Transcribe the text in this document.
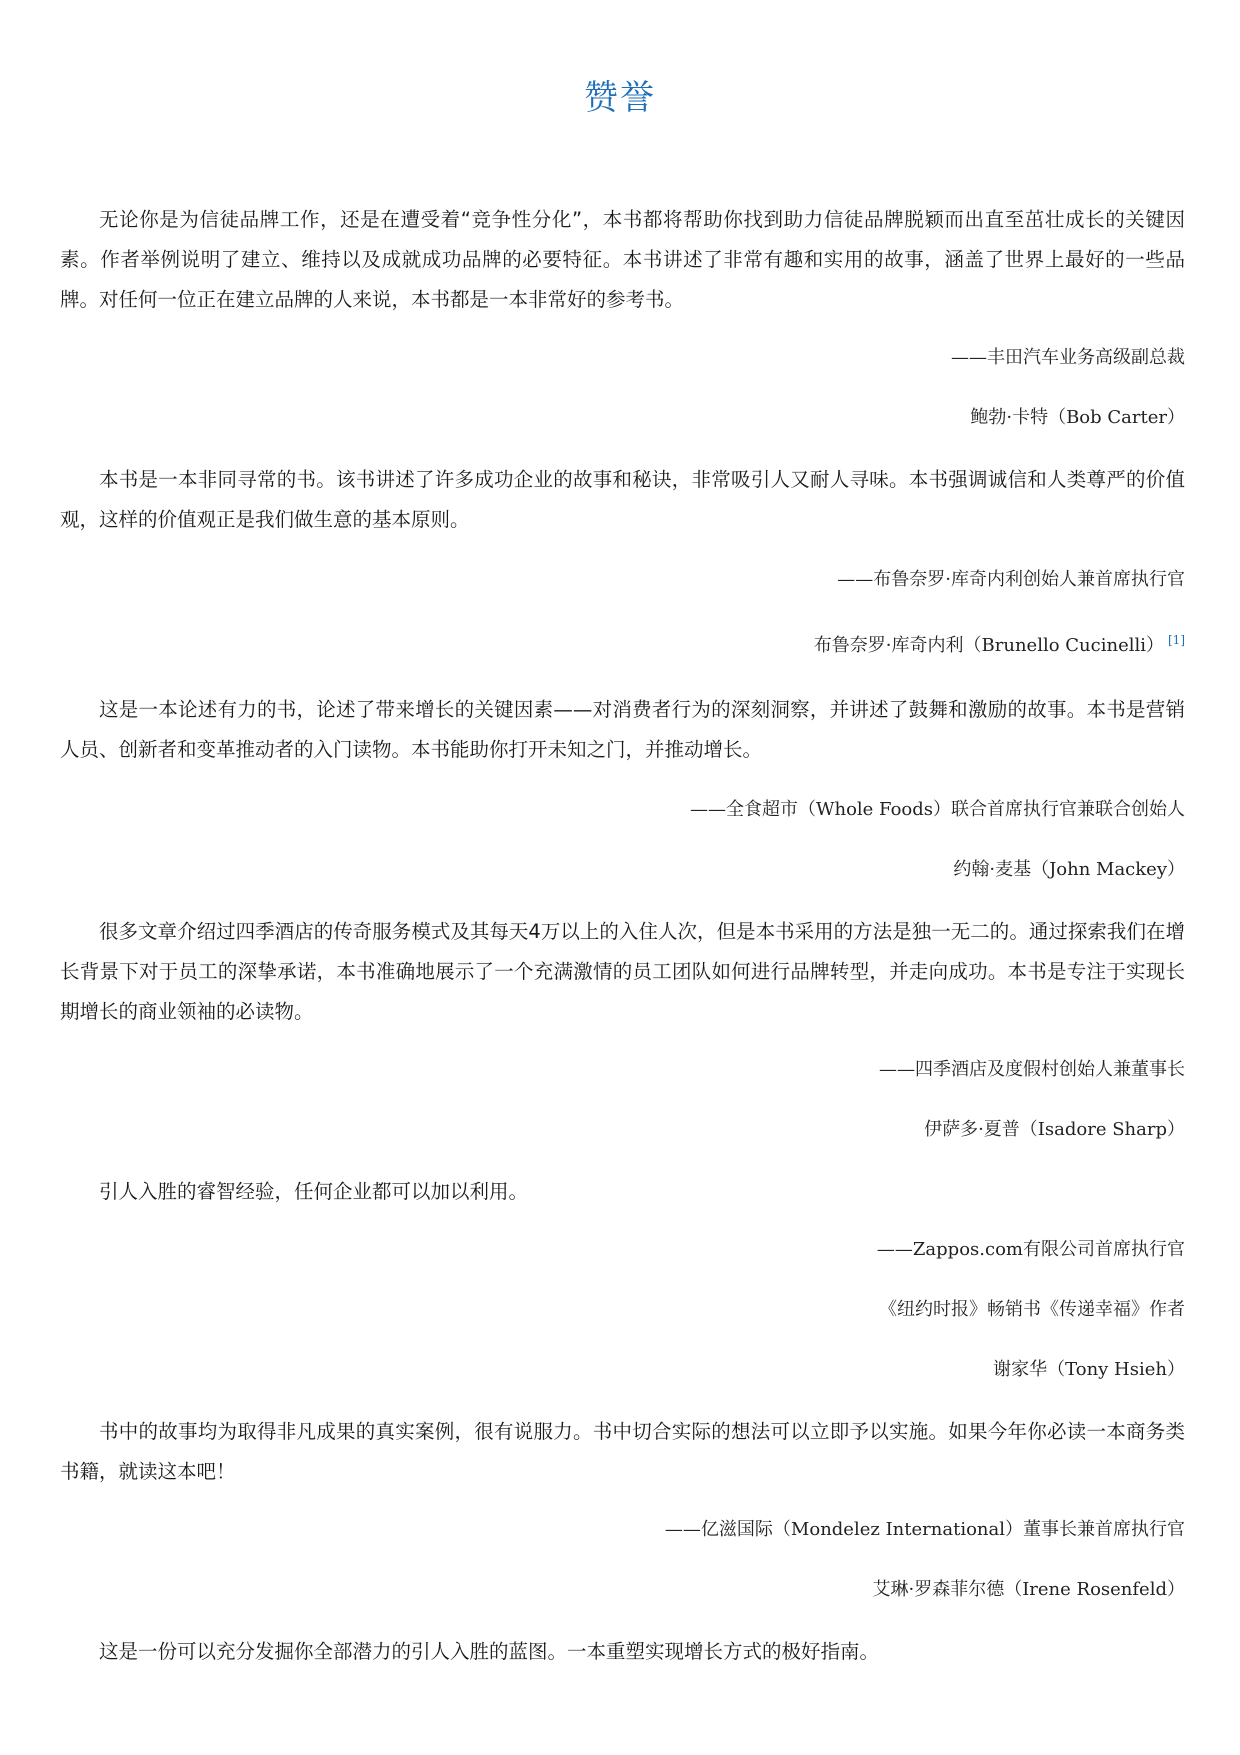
赞誉

无论你是为信徒品牌工作，还是在遭受着“竞争性分化”，本书都将帮助你找到助力信徒品牌脱颖而出直至茁壮成长的关键因素。作者举例说明了建立、维持以及成就成功品牌的必要特征。本书讲述了非常有趣和实用的故事，涵盖了世界上最好的一些品牌。对任何一位正在建立品牌的人来说，本书都是一本非常好的参考书。

——丰田汽车业务高级副总裁
鲍勃·卡特（Bob Carter）

本书是一本非同寻常的书。该书讲述了许多成功企业的故事和秘诀，非常吸引人又耐人寻味。本书强调诚信和人类尊严的价值观，这样的价值观正是我们做生意的基本原则。

——布鲁奈罗·库奇内利创始人兼首席执行官
布鲁奈罗·库奇内利（Brunello Cucinelli） [1]

这是一本论述有力的书，论述了带来增长的关键因素——对消费者行为的深刻洞察，并讲述了鼓舞和激励的故事。本书是营销人员、创新者和变革推动者的入门读物。本书能助你打开未知之门，并推动增长。

——全食超市（Whole Foods）联合首席执行官兼联合创始人
约翰·麦基（John Mackey）

很多文章介绍过四季酒店的传奇服务模式及其每天4万以上的入住人次，但是本书采用的方法是独一无二的。通过探索我们在增长背景下对于员工的深挚承诺，本书准确地展示了一个充满激情的员工团队如何进行品牌转型，并走向成功。本书是专注于实现长期增长的商业领袖的必读物。

——四季酒店及度假村创始人兼董事长
伊萨多·夏普（Isadore Sharp）

引人入胜的睿智经验，任何企业都可以加以利用。

——Zappos.com有限公司首席执行官
《纽约时报》畅销书《传递幸福》作者
谢家华（Tony Hsieh）

书中的故事均为取得非凡成果的真实案例，很有说服力。书中切合实际的想法可以立即予以实施。如果今年你必读一本商务类书籍，就读这本吧！

——亿滋国际（Mondelez International）董事长兼首席执行官
艾琳·罗森菲尔德（Irene Rosenfeld）

这是一份可以充分发掘你全部潜力的引人入胜的蓝图。一本重塑实现增长方式的极好指南。
